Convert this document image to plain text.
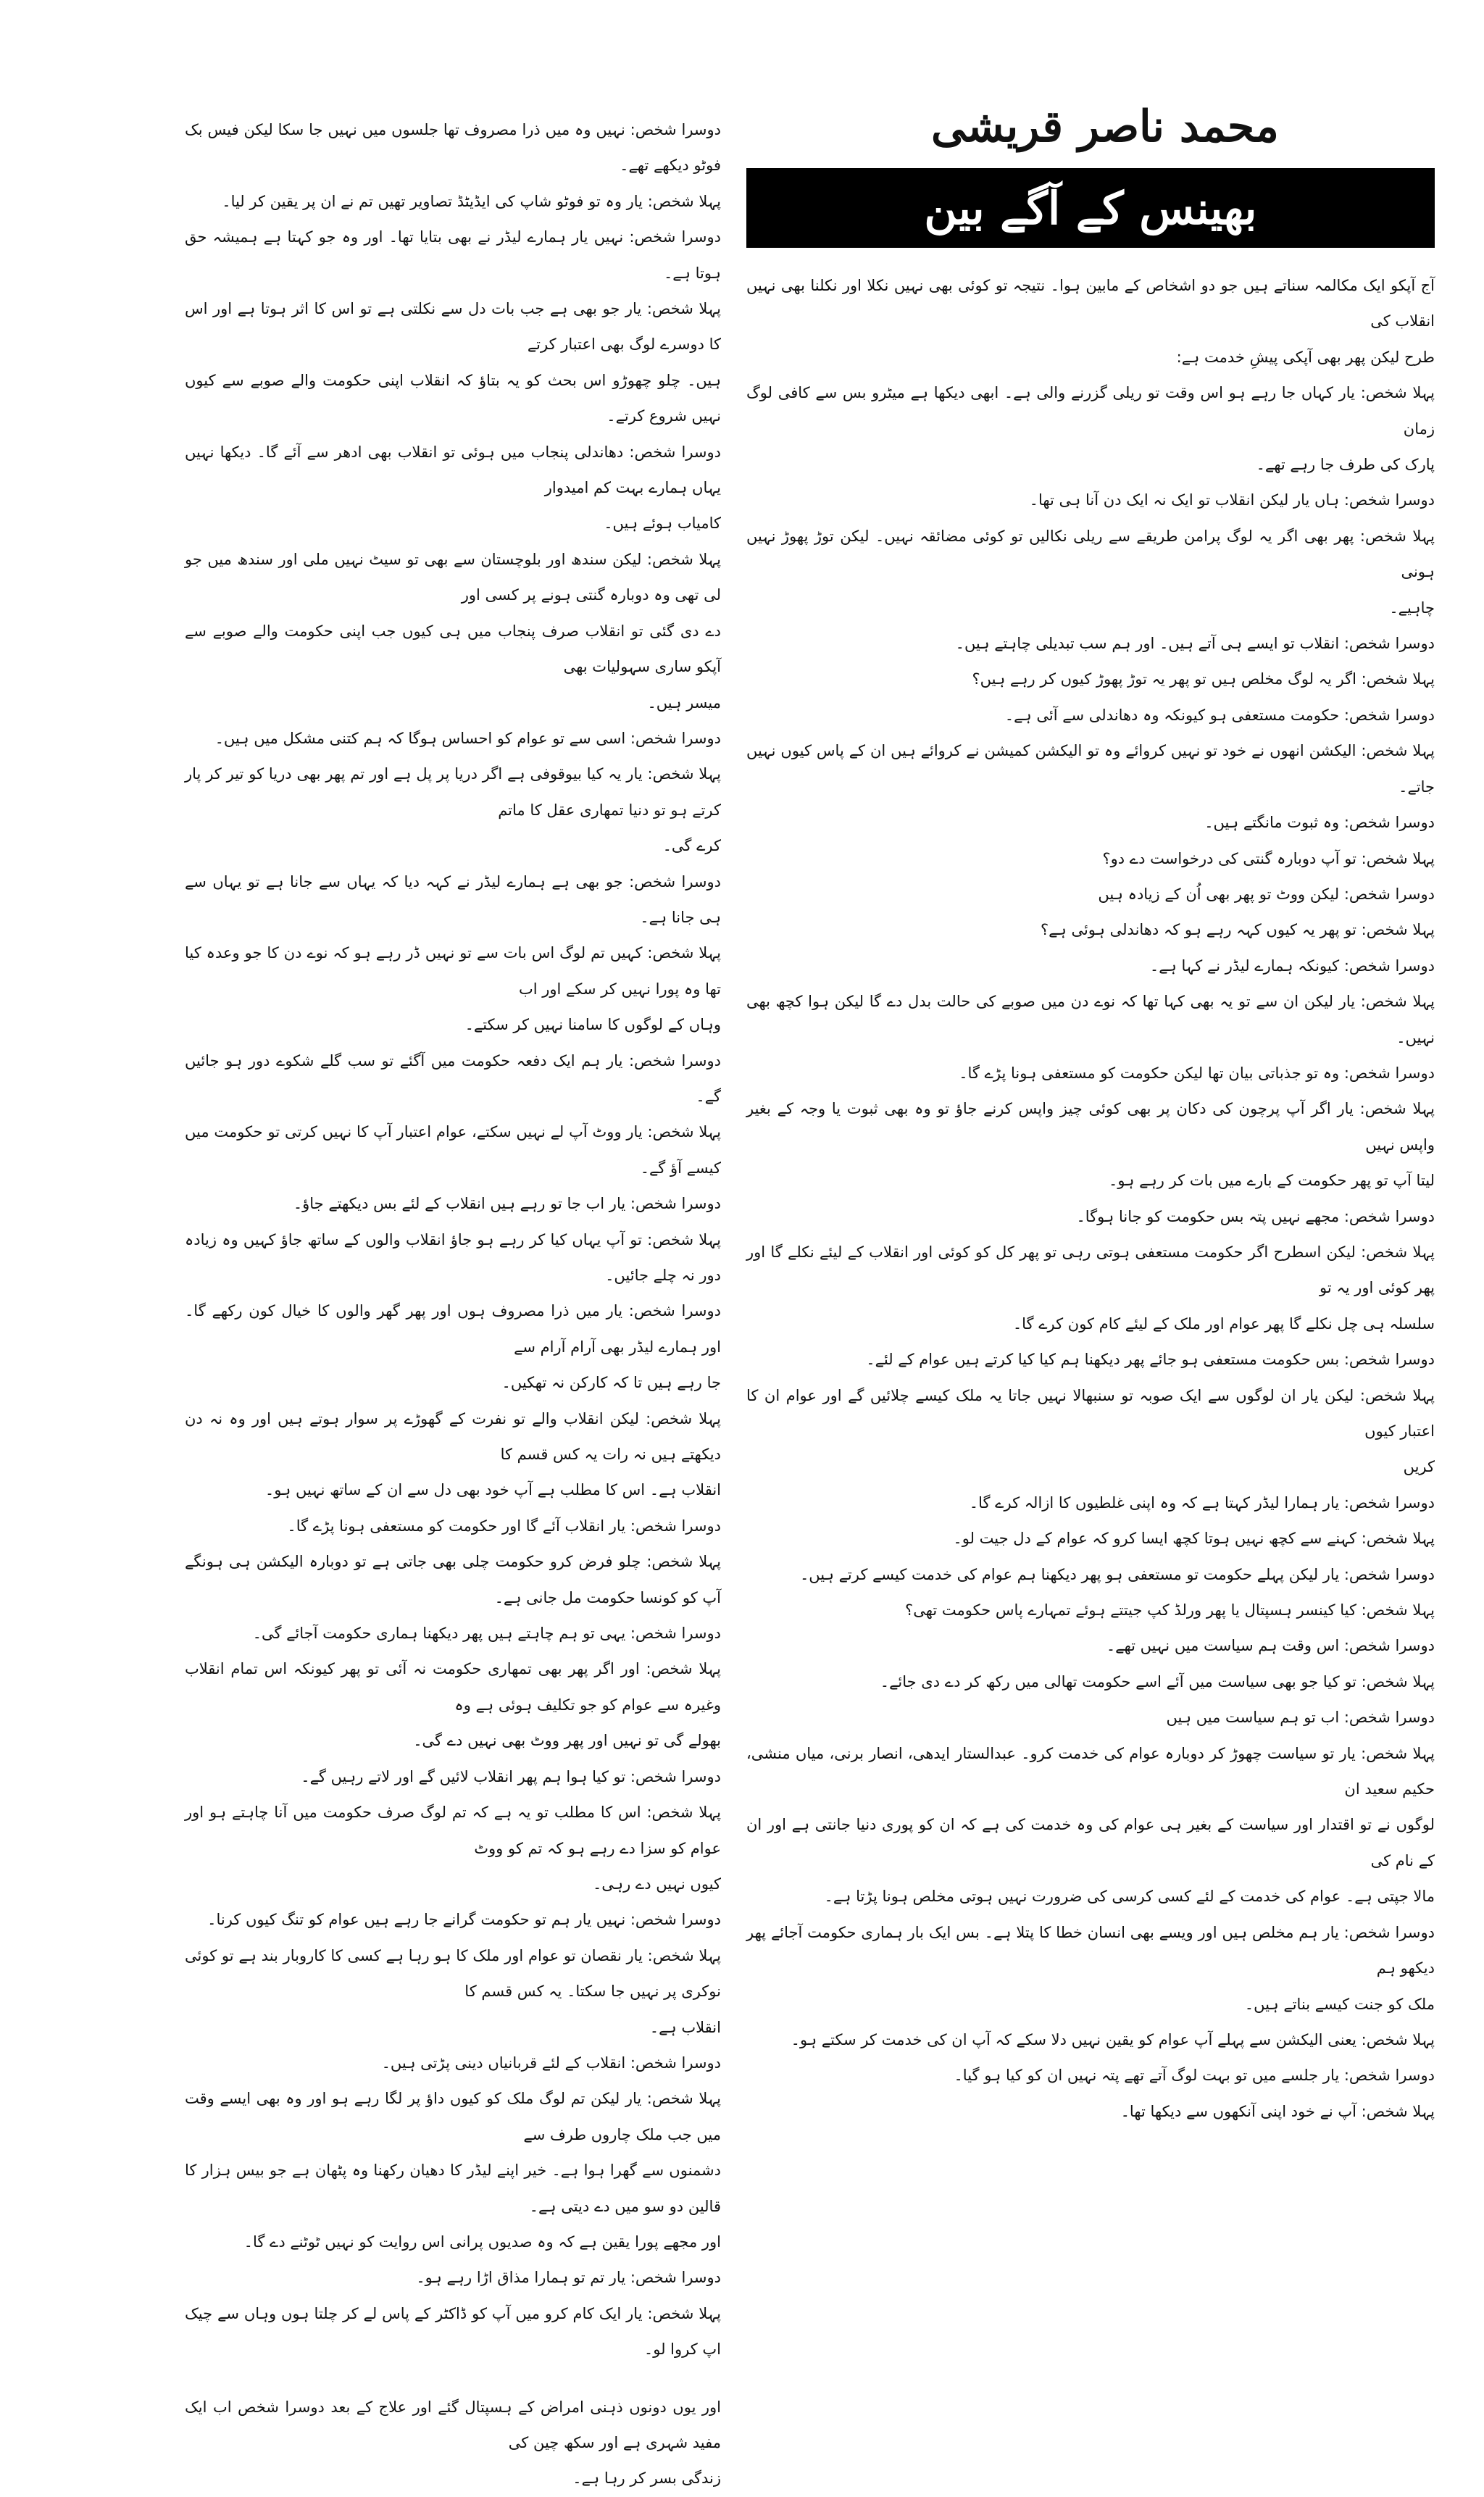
محمد ناصر قریشی
بھینس کے آگے بین

آج آپکو ایک مکالمہ سناتے ہیں جو دو اشخاص کے مابین ہوا۔ نتیجہ تو کوئی بھی نہیں نکلا اور نکلنا بھی نہیں انقلاب کی

طرح لیکن پھر بھی آپکی پیشِ خدمت ہے:

پہلا شخص: یار کہاں جا رہے ہو اس وقت تو ریلی گزرنے والی ہے۔ ابھی دیکھا ہے میٹرو بس سے کافی لوگ زمان

پارک کی طرف جا رہے تھے۔

دوسرا شخص: ہاں یار لیکن انقلاب تو ایک نہ ایک دن آنا ہی تھا۔

پہلا شخص: پھر بھی اگر یہ لوگ پرامن طریقے سے ریلی نکالیں تو کوئی مضائقہ نہیں۔ لیکن توڑ پھوڑ نہیں ہونی

چاہیے۔

دوسرا شخص: انقلاب تو ایسے ہی آتے ہیں۔ اور ہم سب تبدیلی چاہتے ہیں۔

پہلا شخص: اگر یہ لوگ مخلص ہیں تو پھر یہ توڑ پھوڑ کیوں کر رہے ہیں؟

دوسرا شخص: حکومت مستعفی ہو کیونکہ وہ دھاندلی سے آئی ہے۔

پہلا شخص: الیکشن انھوں نے خود تو نہیں کروائے وہ تو الیکشن کمیشن نے کروائے ہیں ان کے پاس کیوں نہیں جاتے۔

دوسرا شخص: وہ ثبوت مانگتے ہیں۔

پہلا شخص: تو آپ دوبارہ گنتی کی درخواست دے دو؟

دوسرا شخص: لیکن ووٹ تو پھر بھی اُن کے زیادہ ہیں

پہلا شخص: تو پھر یہ کیوں کہہ رہے ہو کہ دھاندلی ہوئی ہے؟

دوسرا شخص: کیونکہ ہمارے لیڈر نے کہا ہے۔

پہلا شخص: یار لیکن ان سے تو یہ بھی کہا تھا کہ نوے دن میں صوبے کی حالت بدل دے گا لیکن ہوا کچھ بھی نہیں۔

دوسرا شخص: وہ تو جذباتی بیان تھا لیکن حکومت کو مستعفی ہونا پڑے گا۔

پہلا شخص: یار اگر آپ پرچون کی دکان پر بھی کوئی چیز واپس کرنے جاؤ تو وہ بھی ثبوت یا وجہ کے بغیر واپس نہیں

لیتا آپ تو پھر حکومت کے بارے میں بات کر رہے ہو۔

دوسرا شخص: مجھے نہیں پتہ بس حکومت کو جانا ہوگا۔

پہلا شخص: لیکن اسطرح اگر حکومت مستعفی ہوتی رہی تو پھر کل کو کوئی اور انقلاب کے لیئے نکلے گا اور پھر کوئی اور یہ تو

سلسلہ ہی چل نکلے گا پھر عوام اور ملک کے لیئے کام کون کرے گا۔

دوسرا شخص: بس حکومت مستعفی ہو جائے پھر دیکھنا ہم کیا کیا کرتے ہیں عوام کے لئے۔

پہلا شخص: لیکن یار ان لوگوں سے ایک صوبہ تو سنبھالا نہیں جاتا یہ ملک کیسے چلائیں گے اور عوام ان کا اعتبار کیوں

کریں

دوسرا شخص: یار ہمارا لیڈر کہتا ہے کہ وہ اپنی غلطیوں کا ازالہ کرے گا۔

پہلا شخص: کہنے سے کچھ نہیں ہوتا کچھ ایسا کرو کہ عوام کے دل جیت لو۔

دوسرا شخص: یار لیکن پہلے حکومت تو مستعفی ہو پھر دیکھنا ہم عوام کی خدمت کیسے کرتے ہیں۔

پہلا شخص: کیا کینسر ہسپتال یا پھر ورلڈ کپ جیتتے ہوئے تمہارے پاس حکومت تھی؟

دوسرا شخص: اس وقت ہم سیاست میں نہیں تھے۔

پہلا شخص: تو کیا جو بھی سیاست میں آئے اسے حکومت تھالی میں رکھ کر دے دی جائے۔

دوسرا شخص: اب تو ہم سیاست میں ہیں

پہلا شخص: یار تو سیاست چھوڑ کر دوبارہ عوام کی خدمت کرو۔ عبدالستار ایدھی، انصار برنی، میاں منشی، حکیم سعید ان

لوگوں نے تو اقتدار اور سیاست کے بغیر ہی عوام کی وہ خدمت کی ہے کہ ان کو پوری دنیا جانتی ہے اور ان کے نام کی

مالا جپتی ہے۔ عوام کی خدمت کے لئے کسی کرسی کی ضرورت نہیں ہوتی مخلص ہونا پڑتا ہے۔

دوسرا شخص: یار ہم مخلص ہیں اور ویسے بھی انسان خطا کا پتلا ہے۔ بس ایک بار ہماری حکومت آجائے پھر دیکھو ہم

ملک کو جنت کیسے بناتے ہیں۔

پہلا شخص: یعنی الیکشن سے پہلے آپ عوام کو یقین نہیں دلا سکے کہ آپ ان کی خدمت کر سکتے ہو۔

دوسرا شخص: یار جلسے میں تو بہت لوگ آتے تھے پتہ نہیں ان کو کیا ہو گیا۔

پہلا شخص: آپ نے خود اپنی آنکھوں سے دیکھا تھا۔

دوسرا شخص: نہیں وہ میں ذرا مصروف تھا جلسوں میں نہیں جا سکا لیکن فیس بک فوٹو دیکھے تھے۔

پہلا شخص: یار وہ تو فوٹو شاپ کی ایڈیٹڈ تصاویر تھیں تم نے ان پر یقین کر لیا۔

دوسرا شخص: نہیں یار ہمارے لیڈر نے بھی بتایا تھا۔ اور وہ جو کہتا ہے ہمیشہ حق ہوتا ہے۔

پہلا شخص: یار جو بھی ہے جب بات دل سے نکلتی ہے تو اس کا اثر ہوتا ہے اور اس کا دوسرے لوگ بھی اعتبار کرتے

ہیں۔ چلو چھوڑو اس بحث کو یہ بتاؤ کہ انقلاب اپنی حکومت والے صوبے سے کیوں نہیں شروع کرتے۔

دوسرا شخص: دھاندلی پنجاب میں ہوئی تو انقلاب بھی ادھر سے آئے گا۔ دیکھا نہیں یہاں ہمارے بہت کم امیدوار

کامیاب ہوئے ہیں۔

پہلا شخص: لیکن سندھ اور بلوچستان سے بھی تو سیٹ نہیں ملی اور سندھ میں جو لی تھی وہ دوبارہ گنتی ہونے پر کسی اور

دے دی گئی تو انقلاب صرف پنجاب میں ہی کیوں جب اپنی حکومت والے صوبے سے آپکو ساری سہولیات بھی

میسر ہیں۔

دوسرا شخص: اسی سے تو عوام کو احساس ہوگا کہ ہم کتنی مشکل میں ہیں۔

پہلا شخص: یار یہ کیا بیوقوفی ہے اگر دریا پر پل ہے اور تم پھر بھی دریا کو تیر کر پار کرتے ہو تو دنیا تمھاری عقل کا ماتم

کرے گی۔

دوسرا شخص: جو بھی ہے ہمارے لیڈر نے کہہ دیا کہ یہاں سے جانا ہے تو یہاں سے ہی جانا ہے۔

پہلا شخص: کہیں تم لوگ اس بات سے تو نہیں ڈر رہے ہو کہ نوے دن کا جو وعدہ کیا تھا وہ پورا نہیں کر سکے اور اب

وہاں کے لوگوں کا سامنا نہیں کر سکتے۔

دوسرا شخص: یار ہم ایک دفعہ حکومت میں آگئے تو سب گلے شکوے دور ہو جائیں گے۔

پہلا شخص: یار ووٹ آپ لے نہیں سکتے، عوام اعتبار آپ کا نہیں کرتی تو حکومت میں کیسے آؤ گے۔

دوسرا شخص: یار اب جا تو رہے ہیں انقلاب کے لئے بس دیکھتے جاؤ۔

پہلا شخص: تو آپ یہاں کیا کر رہے ہو جاؤ انقلاب والوں کے ساتھ جاؤ کہیں وہ زیادہ دور نہ چلے جائیں۔

دوسرا شخص: یار میں ذرا مصروف ہوں اور پھر گھر والوں کا خیال کون رکھے گا۔ اور ہمارے لیڈر بھی آرام آرام سے

جا رہے ہیں تا کہ کارکن نہ تھکیں۔

پہلا شخص: لیکن انقلاب والے تو نفرت کے گھوڑے پر سوار ہوتے ہیں اور وہ نہ دن دیکھتے ہیں نہ رات یہ کس قسم کا

انقلاب ہے۔ اس کا مطلب ہے آپ خود بھی دل سے ان کے ساتھ نہیں ہو۔

دوسرا شخص: یار انقلاب آئے گا اور حکومت کو مستعفی ہونا پڑے گا۔

پہلا شخص: چلو فرض کرو حکومت چلی بھی جاتی ہے تو دوبارہ الیکشن ہی ہونگے آپ کو کونسا حکومت مل جانی ہے۔

دوسرا شخص: یہی تو ہم چاہتے ہیں پھر دیکھنا ہماری حکومت آجائے گی۔

پہلا شخص: اور اگر پھر بھی تمھاری حکومت نہ آئی تو پھر کیونکہ اس تمام انقلاب وغیرہ سے عوام کو جو تکلیف ہوئی ہے وہ

بھولے گی تو نہیں اور پھر ووٹ بھی نہیں دے گی۔

دوسرا شخص: تو کیا ہوا ہم پھر انقلاب لائیں گے اور لاتے رہیں گے۔

پہلا شخص: اس کا مطلب تو یہ ہے کہ تم لوگ صرف حکومت میں آنا چاہتے ہو اور عوام کو سزا دے رہے ہو کہ تم کو ووٹ

کیوں نہیں دے رہی۔

دوسرا شخص: نہیں یار ہم تو حکومت گرانے جا رہے ہیں عوام کو تنگ کیوں کرنا۔

پہلا شخص: یار نقصان تو عوام اور ملک کا ہو رہا ہے کسی کا کاروبار بند ہے تو کوئی نوکری پر نہیں جا سکتا۔ یہ کس قسم کا

انقلاب ہے۔

دوسرا شخص: انقلاب کے لئے قربانیاں دینی پڑتی ہیں۔

پہلا شخص: یار لیکن تم لوگ ملک کو کیوں داؤ پر لگا رہے ہو اور وہ بھی ایسے وقت میں جب ملک چاروں طرف سے

دشمنوں سے گھرا ہوا ہے۔ خیر اپنے لیڈر کا دھیان رکھنا وہ پٹھان ہے جو بیس ہزار کا قالین دو سو میں دے دیتی ہے۔

اور مجھے پورا یقین ہے کہ وہ صدیوں پرانی اس روایت کو نہیں ٹوٹنے دے گا۔

دوسرا شخص: یار تم تو ہمارا مذاق اڑا رہے ہو۔

پہلا شخص: یار ایک کام کرو میں آپ کو ڈاکٹر کے پاس لے کر چلتا ہوں وہاں سے چیک اپ کروا لو۔

اور یوں دونوں ذہنی امراض کے ہسپتال گئے اور علاج کے بعد دوسرا شخص اب ایک مفید شہری ہے اور سکھ چین کی

زندگی بسر کر رہا ہے۔
